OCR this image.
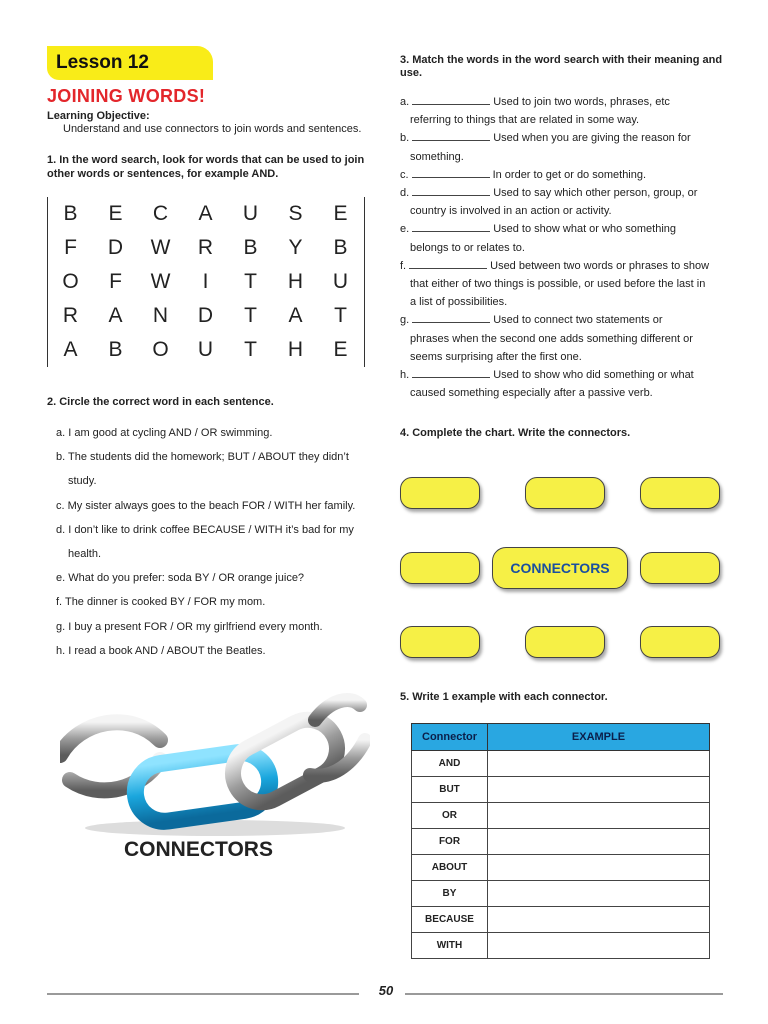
Lesson 12
JOINING WORDS!
Learning Objective:
Understand and use connectors to join words and sentences.
1. In the word search, look for words that can be used to join other words or sentences, for example AND.
B	E	C	A	U	S	E
F	D	W	R	B	Y	B
O	F	W	I	T	H	U
R	A	N	D	T	A	T
A	B	O	U	T	H	E
2. Circle the correct word in each sentence.
a. I am good at cycling AND / OR swimming.
b. The students did the homework; BUT / ABOUT they didn’t
study.
c. My sister always goes to the beach FOR / WITH her family.
d. I don’t like to drink coffee BECAUSE / WITH it’s bad for my
health.
e. What do you prefer: soda BY / OR orange juice?
f. The dinner is cooked BY / FOR my mom.
g. I buy a present FOR / OR my girlfriend every month.
h. I read a book AND / ABOUT the Beatles.
CONNECTORS
3. Match the words in the word search with their meaning and use.
a.	Used to join two words, phrases, etc
referring to things that are related in some way.
b.	Used when you are giving the reason for
something.
c.	In order to get or do something.
d.	Used to say which other person, group, or
country is involved in an action or activity.
e.	Used to show what or who something
belongs to or relates to.
f.	Used between two words or phrases to show
that either of two things is possible, or used before the last in
a list of possibilities.
g.	Used to connect two statements or
phrases when the second one adds something different or
seems surprising after the first one.
h.	Used to show who did something or what
caused something especially after a passive verb.
4. Complete the chart. Write the connectors.
CONNECTORS
5. Write 1 example with each connector.
Connector	EXAMPLE
AND	
BUT	
OR	
FOR	
ABOUT	
BY	
BECAUSE	
WITH	
50
